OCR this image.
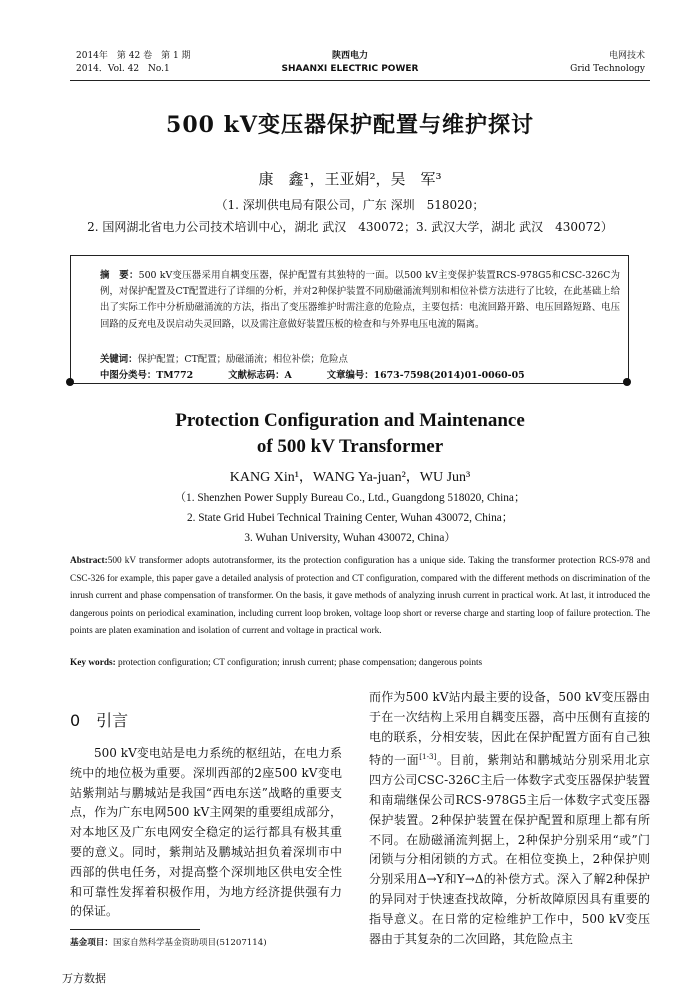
2014年　第 42 卷　第 1 期
2014．Vol. 42　No.1
陕西电力
SHAANXI ELECTRIC POWER
电网技术
Grid Technology
500 kV变压器保护配置与维护探讨
康　鑫¹，王亚娟²，吴　军³
（1. 深圳供电局有限公司，广东 深圳　518020；
2. 国网湖北省电力公司技术培训中心，湖北 武汉　430072；3. 武汉大学，湖北 武汉　430072）
摘　要：500 kV变压器采用自耦变压器，保护配置有其独特的一面。以500 kV主变保护装置RCS-978G5和CSC-326C为例，对保护配置及CT配置进行了详细的分析，并对2种保护装置不同励磁涌流判别和相位补偿方法进行了比较，在此基础上给出了实际工作中分析励磁涌流的方法，指出了变压器维护时需注意的危险点，主要包括：电流回路开路、电压回路短路、电压回路的反充电及误启动失灵回路，以及需注意做好装置压板的检查和与外界电压电流的隔离。
关键词：保护配置；CT配置；励磁涌流；相位补偿；危险点
中图分类号：TM772	文献标志码：A	文章编号：1673-7598(2014)01-0060-05
Protection Configuration and Maintenance
of 500 kV Transformer
KANG Xin¹，WANG Ya-juan²，WU Jun³
（1. Shenzhen Power Supply Bureau Co., Ltd., Guangdong 518020, China；
2. State Grid Hubei Technical Training Center, Wuhan 430072, China；
3. Wuhan University, Wuhan 430072, China）
Abstract:500 kV transformer adopts autotransformer, its the protection configuration has a unique side. Taking the transformer protection RCS-978 and CSC-326 for example, this paper gave a detailed analysis of protection and CT configuration, compared with the different methods on discrimination of the inrush current and phase compensation of transformer. On the basis, it gave methods of analyzing inrush current in practical work. At last, it introduced the dangerous points on periodical examination, including current loop broken, voltage loop short or reverse charge and starting loop of failure protection. The points are platen examination and isolation of current and voltage in practical work.
Key words: protection configuration; CT configuration; inrush current; phase compensation; dangerous points
0　引言
500 kV变电站是电力系统的枢纽站，在电力系统中的地位极为重要。深圳西部的2座500 kV变电站紫荆站与鹏城站是我国“西电东送”战略的重要支点，作为广东电网500 kV主网架的重要组成部分，对本地区及广东电网安全稳定的运行都具有极其重要的意义。同时，紫荆站及鹏城站担负着深圳市中西部的供电任务，对提高整个深圳地区供电安全性和可靠性发挥着积极作用，为地方经济提供强有力的保证。
而作为500 kV站内最主要的设备，500 kV变压器由于在一次结构上采用自耦变压器，高中压侧有直接的电的联系，分相安装，因此在保护配置方面有自己独特的一面[1-3]。目前，紫荆站和鹏城站分别采用北京四方公司CSC-326C主后一体数字式变压器保护装置和南瑞继保公司RCS-978G5主后一体数字式变压器保护装置。2种保护装置在保护配置和原理上都有所不同。在励磁涌流判据上，2种保护分别采用“或”门闭锁与分相闭锁的方式。在相位变换上，2种保护则分别采用Δ→Y和Y→Δ的补偿方式。深入了解2种保护的异同对于快速查找故障，分析故障原因具有重要的指导意义。在日常的定检维护工作中，500 kV变压器由于其复杂的二次回路，其危险点主
基金项目：国家自然科学基金资助项目(51207114)
万方数据
